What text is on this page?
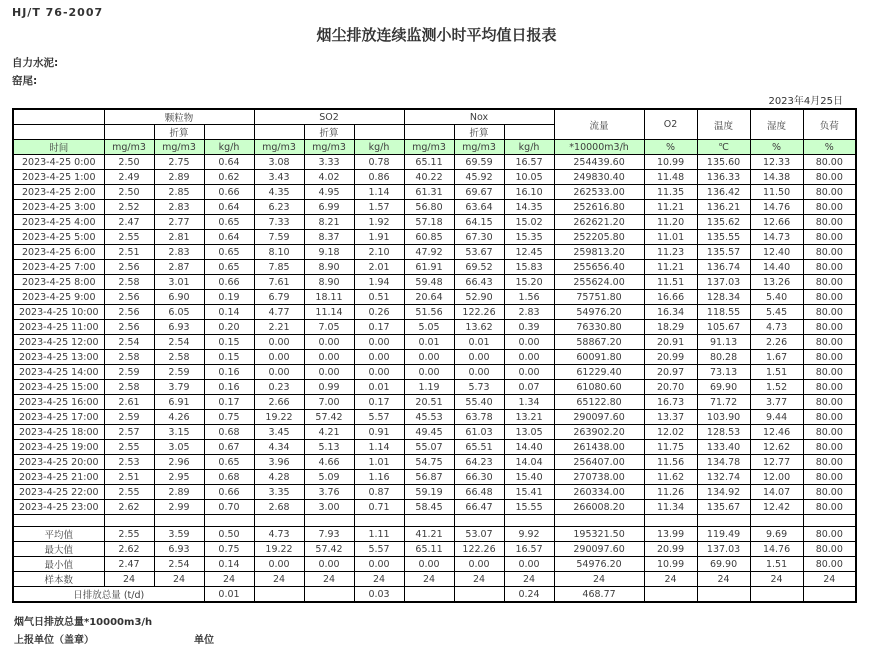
HJ/T 76-2007
烟尘排放连续监测小时平均值日报表
自力水泥:
窑尾:
2023年4月25日
	颗粒物			SO2			Nox			流量	O2	温度	湿度	负荷
		折算			折算			折算						
时间	mg/m3	mg/m3	kg/h	mg/m3	mg/m3	kg/h	mg/m3	mg/m3	kg/h	*10000m3/h	%	℃	%	%
2023-4-25 0:00	2.50	2.75	0.64	3.08	3.33	0.78	65.11	69.59	16.57	254439.60	10.99	135.60	12.33	80.00
2023-4-25 1:00	2.49	2.89	0.62	3.43	4.02	0.86	40.22	45.92	10.05	249830.40	11.48	136.33	14.38	80.00
2023-4-25 2:00	2.50	2.85	0.66	4.35	4.95	1.14	61.31	69.67	16.10	262533.00	11.35	136.42	11.50	80.00
2023-4-25 3:00	2.52	2.83	0.64	6.23	6.99	1.57	56.80	63.64	14.35	252616.80	11.21	136.21	14.76	80.00
2023-4-25 4:00	2.47	2.77	0.65	7.33	8.21	1.92	57.18	64.15	15.02	262621.20	11.20	135.62	12.66	80.00
2023-4-25 5:00	2.55	2.81	0.64	7.59	8.37	1.91	60.85	67.30	15.35	252205.80	11.01	135.55	14.73	80.00
2023-4-25 6:00	2.51	2.83	0.65	8.10	9.18	2.10	47.92	53.67	12.45	259813.20	11.23	135.57	12.40	80.00
2023-4-25 7:00	2.56	2.87	0.65	7.85	8.90	2.01	61.91	69.52	15.83	255656.40	11.21	136.74	14.40	80.00
2023-4-25 8:00	2.58	3.01	0.66	7.61	8.90	1.94	59.48	66.43	15.20	255624.00	11.51	137.03	13.26	80.00
2023-4-25 9:00	2.56	6.90	0.19	6.79	18.11	0.51	20.64	52.90	1.56	75751.80	16.66	128.34	5.40	80.00
2023-4-25 10:00	2.56	6.05	0.14	4.77	11.14	0.26	51.56	122.26	2.83	54976.20	16.34	118.55	5.45	80.00
2023-4-25 11:00	2.56	6.93	0.20	2.21	7.05	0.17	5.05	13.62	0.39	76330.80	18.29	105.67	4.73	80.00
2023-4-25 12:00	2.54	2.54	0.15	0.00	0.00	0.00	0.01	0.01	0.00	58867.20	20.91	91.13	2.26	80.00
2023-4-25 13:00	2.58	2.58	0.15	0.00	0.00	0.00	0.00	0.00	0.00	60091.80	20.99	80.28	1.67	80.00
2023-4-25 14:00	2.59	2.59	0.16	0.00	0.00	0.00	0.00	0.00	0.00	61229.40	20.97	73.13	1.51	80.00
2023-4-25 15:00	2.58	3.79	0.16	0.23	0.99	0.01	1.19	5.73	0.07	61080.60	20.70	69.90	1.52	80.00
2023-4-25 16:00	2.61	6.91	0.17	2.66	7.00	0.17	20.51	55.40	1.34	65122.80	16.73	71.72	3.77	80.00
2023-4-25 17:00	2.59	4.26	0.75	19.22	57.42	5.57	45.53	63.78	13.21	290097.60	13.37	103.90	9.44	80.00
2023-4-25 18:00	2.57	3.15	0.68	3.45	4.21	0.91	49.45	61.03	13.05	263902.20	12.02	128.53	12.46	80.00
2023-4-25 19:00	2.55	3.05	0.67	4.34	5.13	1.14	55.07	65.51	14.40	261438.00	11.75	133.40	12.62	80.00
2023-4-25 20:00	2.53	2.96	0.65	3.96	4.66	1.01	54.75	64.23	14.04	256407.00	11.56	134.78	12.77	80.00
2023-4-25 21:00	2.51	2.95	0.68	4.28	5.09	1.16	56.87	66.30	15.40	270738.00	11.62	132.74	12.00	80.00
2023-4-25 22:00	2.55	2.89	0.66	3.35	3.76	0.87	59.19	66.48	15.41	260334.00	11.26	134.92	14.07	80.00
2023-4-25 23:00	2.62	2.99	0.70	2.68	3.00	0.71	58.45	66.47	15.55	266008.20	11.34	135.67	12.42	80.00

平均值	2.55	3.59	0.50	4.73	7.93	1.11	41.21	53.07	9.92	195321.50	13.99	119.49	9.69	80.00
最大值	2.62	6.93	0.75	19.22	57.42	5.57	65.11	122.26	16.57	290097.60	20.99	137.03	14.76	80.00
最小值	2.47	2.54	0.14	0.00	0.00	0.00	0.00	0.00	0.00	54976.20	10.99	69.90	1.51	80.00
样本数	24	24	24	24	24	24	24	24	24	24	24	24	24	24
日排放总量 (t/d)			0.01			0.03			0.24	468.77				
烟气日排放总量*10000m3/h
上报单位（盖章）	单位
